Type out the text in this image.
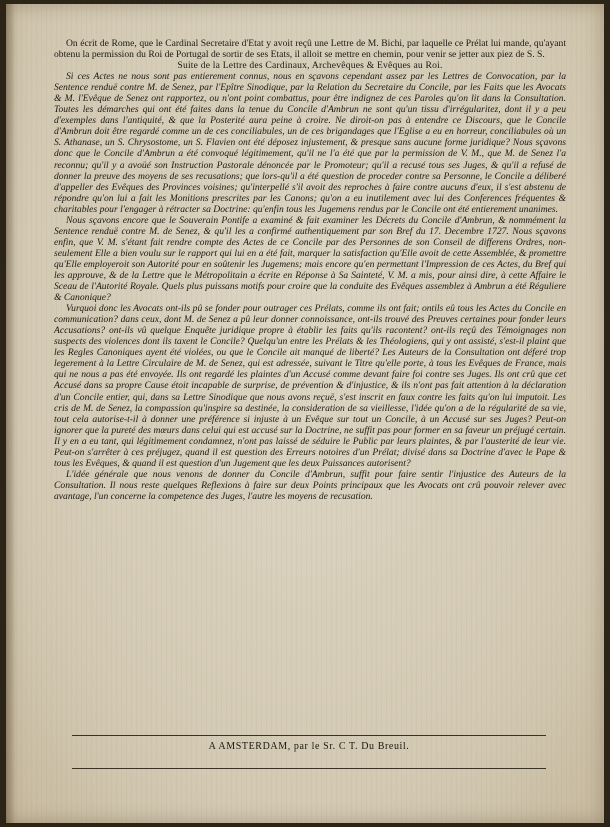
On écrit de Rome, que le Cardinal Secretaire d'Etat y avoit reçû une Lettre de M. Bichi, par laquelle ce Prélat lui mande, qu'ayant obtenu la permission du Roi de Portugal de sortir de ses Etats, il alloit se mettre en chemin, pour venir se jetter aux piez de S. S.

Suite de la Lettre des Cardinaux, Archevêques & Evêques au Roi.

Si ces Actes ne nous sont pas entierement connus, nous en sçavons cependant assez par les Lettres de Convocation, par la Sentence renduë contre M. de Senez, par l'Epître Sinodique, par la Relation du Secretaire du Concile, par les Faits que les Avocats & M. l'Evêque de Senez ont rapportez, ou n'ont point combattus, pour être indignez de ces Paroles qu'on lit dans la Consultation. Toutes les démarches qui ont été faites dans la tenue du Concile d'Ambrun ne sont qu'un tissu d'irrégularitez, dont il y a peu d'exemples dans l'antiquité, & que la Posterité aura peine à croire. Ne diroit-on pas à entendre ce Discours, que le Concile d'Ambrun doit être regardé comme un de ces conciliabules, un de ces brigandages que l'Eglise a eu en horreur, conciliabules où un S. Athanase, un S. Chrysostome, un S. Flavien ont été déposez injustement, & presque sans aucune forme juridique? Nous sçavons donc que le Concile d'Ambrun a été convoqué légitimement, qu'il ne l'a été que par la permission de V. M., que M. de Senez l'a reconnu; qu'il y a avoüé son Instruction Pastorale dénoncée par le Promoteur; qu'il a recusé tous ses Juges, & qu'il a refusé de donner la preuve des moyens de ses recusations; que lors-qu'il a été question de proceder contre sa Personne, le Concile a déliberé d'appeller des Evêques des Provinces voisines; qu'interpellé s'il avoit des reproches à faire contre aucuns d'eux, il s'est abstenu de répondre qu'on lui a fait les Monitions prescrites par les Canons; qu'on a eu inutilement avec lui des Conferences fréquentes & charitables pour l'engager à rétracter sa Doctrine: qu'enfin tous les Jugemens rendus par le Concile ont été entierement unanimes.

Nous sçavons encore que le Souverain Pontife a examiné & fait examiner les Décrets du Concile d'Ambrun, & nommément la Sentence renduë contre M. de Senez, & qu'il les a confirmé authentiquement par son Bref du 17. Decembre 1727. Nous sçavons enfin, que V. M. s'étant fait rendre compte des Actes de ce Concile par des Personnes de son Conseil de differens Ordres, non-seulement Elle a bien voulu sur le rapport qui lui en a été fait, marquer la satisfaction qu'Elle avoit de cette Assemblée, & promettre qu'Elle employeroit son Autorité pour en soûtenir les Jugemens; mais encore qu'en permettant l'Impression de ces Actes, du Bref qui les approuve, & de la Lettre que le Métropolitain a écrite en Réponse à Sa Sainteté, V. M. a mis, pour ainsi dire, à cette Affaire le Sceau de l'Autorité Royale. Quels plus puissans motifs pour croire que la conduite des Evêques assemblez à Ambrun a été Réguliere & Canonique?

Vurquoi donc les Avocats ont-ils pû se fonder pour outrager ces Prélats, comme ils ont fait; ontils eû tous les Actes du Concile en communication? dans ceux, dont M. de Senez a pû leur donner connoissance, ont-ils trouvé des Preuves certaines pour fonder leurs Accusations? ont-ils vû quelque Enquête juridique propre à établir les faits qu'ils racontent? ont-ils reçû des Témoignages non suspects des violences dont ils taxent le Concile? Quelqu'un entre les Prélats & les Théologiens, qui y ont assisté, s'est-il plaint que les Regles Canoniques ayent été violées, ou que le Concile ait manqué de liberté? Les Auteurs de la Consultation ont déferé trop legerement à la Lettre Circulaire de M. de Senez, qui est adressée, suivant le Titre qu'elle porte, à tous les Evêques de France, mais qui ne nous a pas été envoyée. Ils ont regardé les plaintes d'un Accusé comme devant faire foi contre ses Juges. Ils ont crû que cet Accusé dans sa propre Cause étoit incapable de surprise, de prévention & d'injustice, & ils n'ont pas fait attention à la déclaration d'un Concile entier, qui, dans sa Lettre Sinodique que nous avons reçuë, s'est inscrit en faux contre les faits qu'on lui imputoit. Les cris de M. de Senez, la compassion qu'inspire sa destinée, la consideration de sa vieillesse, l'idée qu'on a de la régularité de sa vie, tout cela autorise-t-il à donner une préférence si injuste à un Evêque sur tout un Concile, à un Accusé sur ses Juges? Peut-on ignorer que la pureté des mœurs dans celui qui est accusé sur la Doctrine, ne suffit pas pour former en sa faveur un préjugé certain. Il y en a eu tant, qui légitimement condamnez, n'ont pas laissé de séduire le Public par leurs plaintes, & par l'austerité de leur vie. Peut-on s'arrêter à ces préjugez, quand il est question des Erreurs notoires d'un Prélat; divisé dans sa Doctrine d'avec le Pape & tous les Evêques, & quand il est question d'un Jugement que les deux Puissances autorisent?

L'idée générale que nous venons de donner du Concile d'Ambrun, suffit pour faire sentir l'injustice des Auteurs de la Consultation. Il nous reste quelques Reflexions à faire sur deux Points principaux que les Avocats ont crû pouvoir relever avec avantage, l'un concerne la competence des Juges, l'autre les moyens de recusation.

A AMSTERDAM, par le Sr. C T. Du Breuil.
